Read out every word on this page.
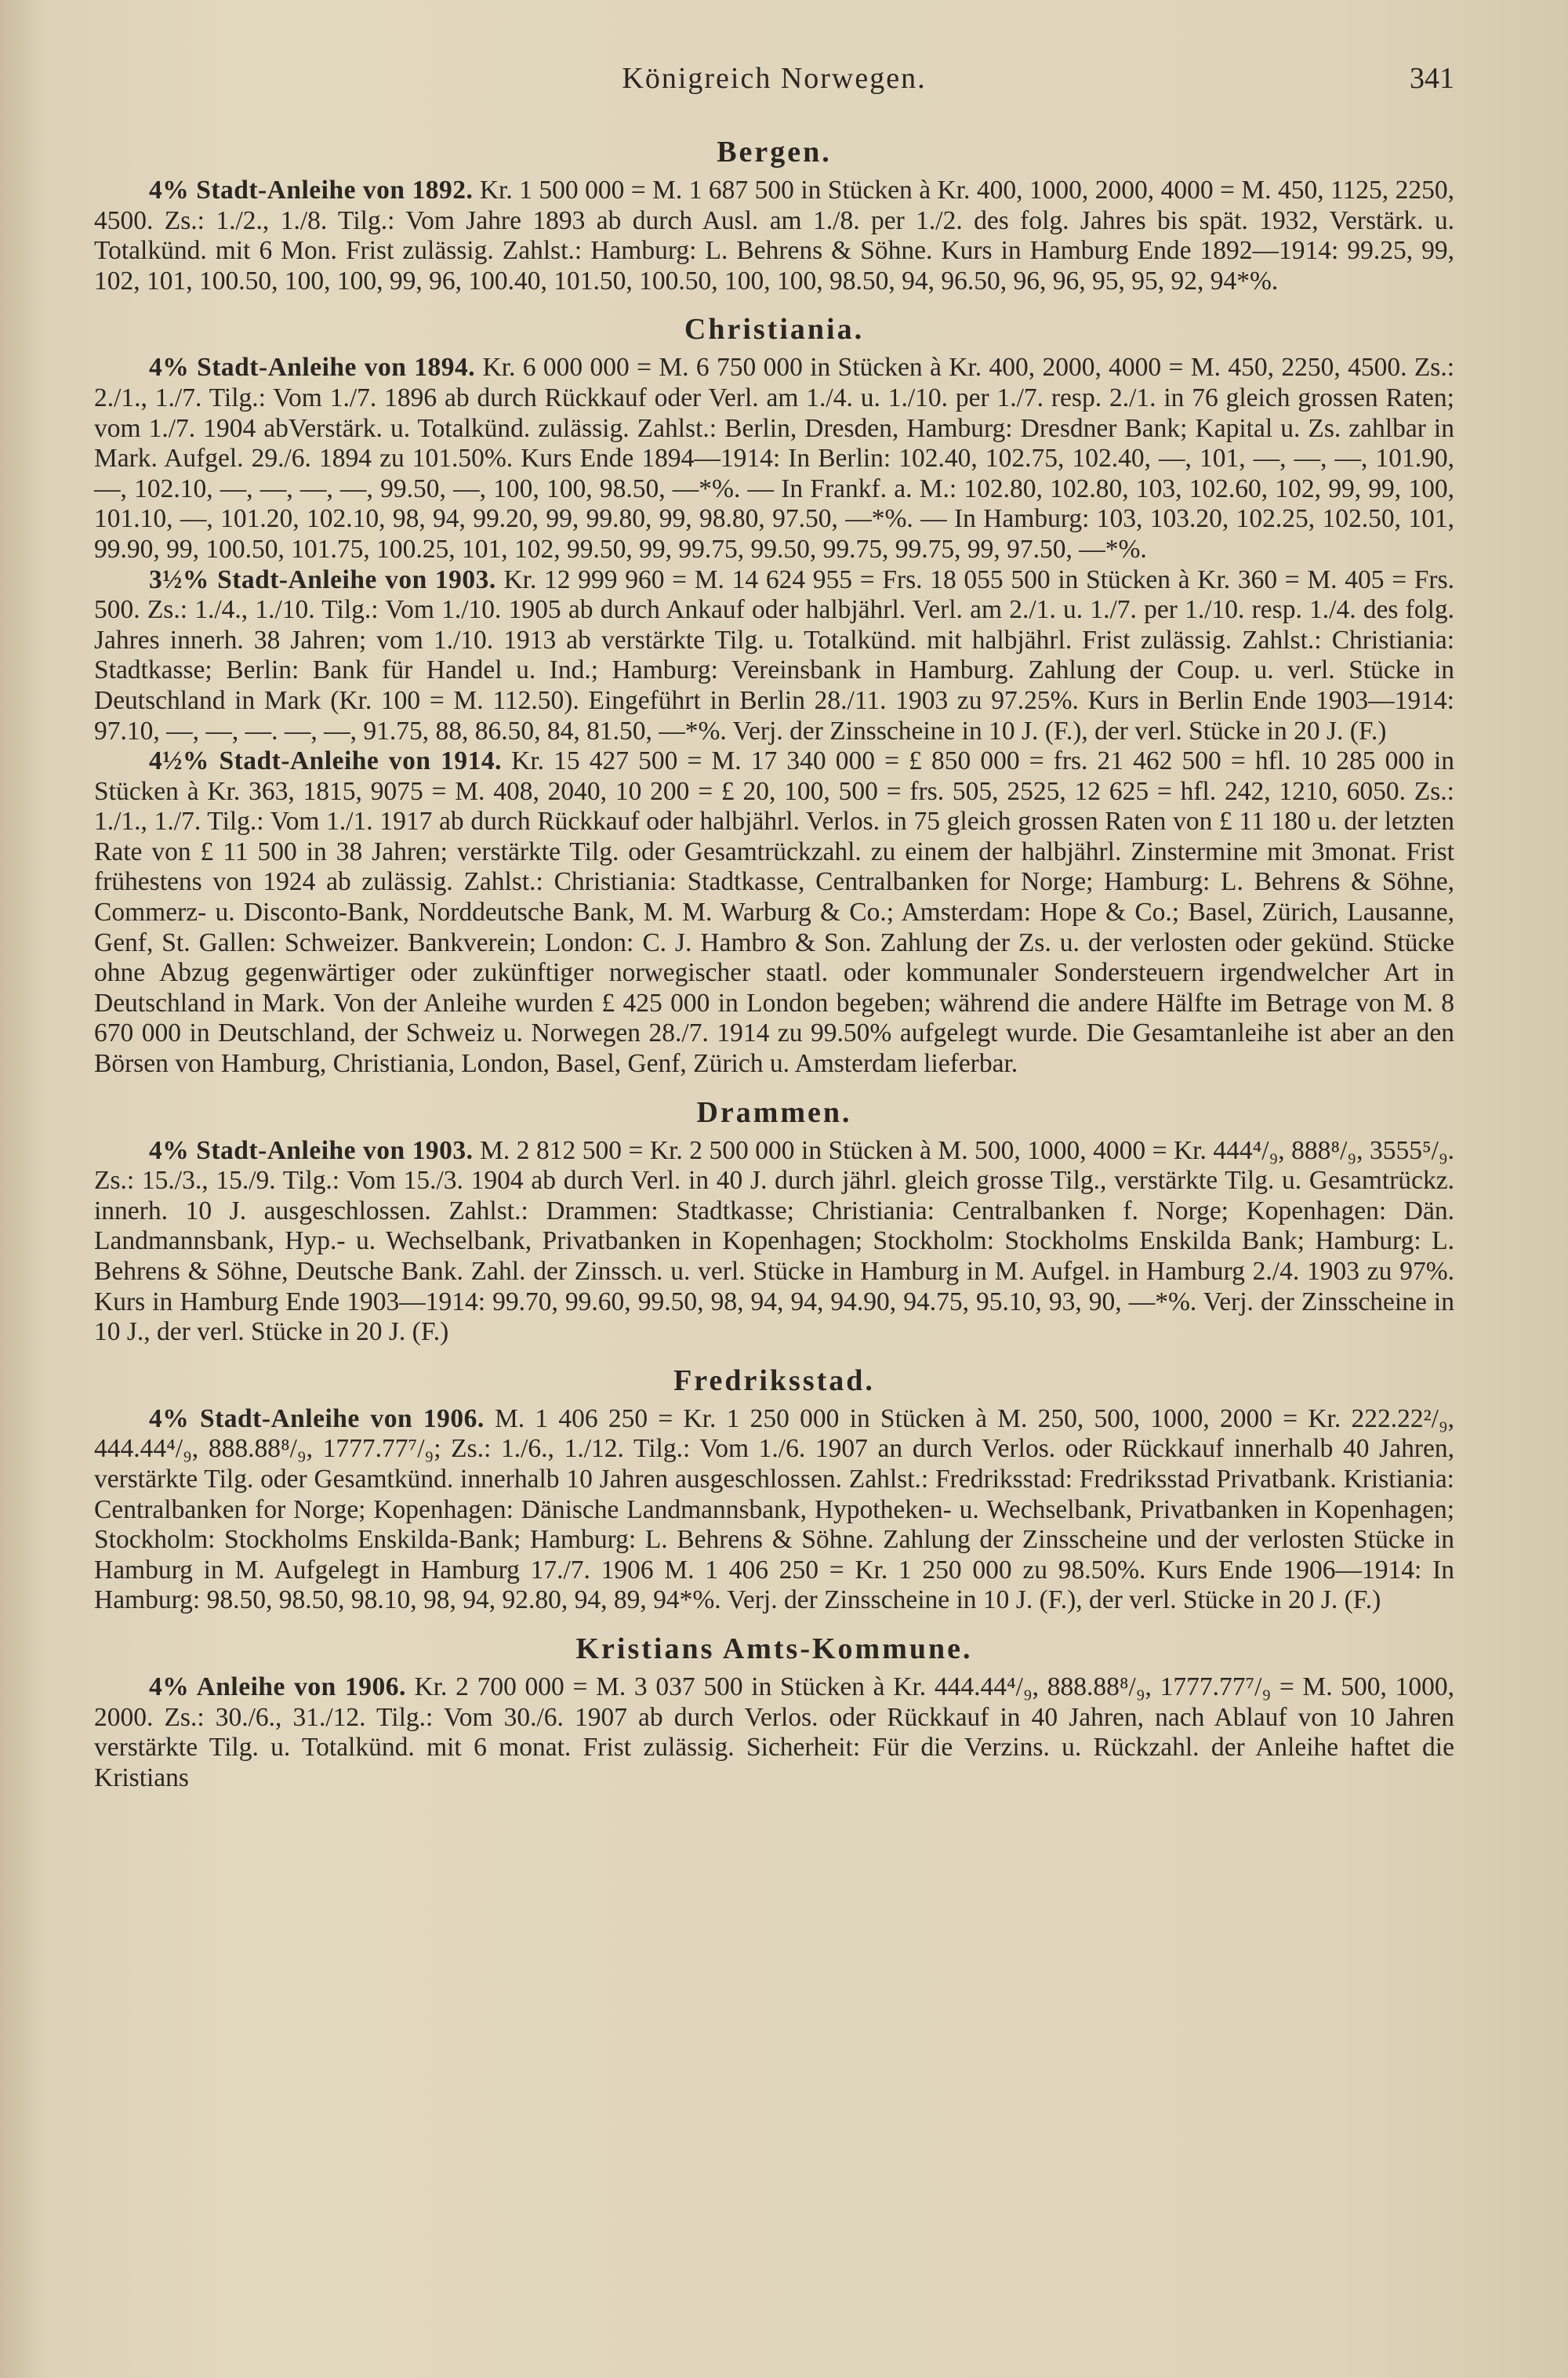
Königreich Norwegen.	341
Bergen.

4% Stadt-Anleihe von 1892. Kr. 1 500 000 = M. 1 687 500 in Stücken à Kr. 400, 1000, 2000, 4000 = M. 450, 1125, 2250, 4500. Zs.: 1./2., 1./8. Tilg.: Vom Jahre 1893 ab durch Ausl. am 1./8. per 1./2. des folg. Jahres bis spät. 1932, Verstärk. u. Totalkünd. mit 6 Mon. Frist zulässig. Zahlst.: Hamburg: L. Behrens & Söhne. Kurs in Hamburg Ende 1892—1914: 99.25, 99, 102, 101, 100.50, 100, 100, 99, 96, 100.40, 101.50, 100.50, 100, 100, 98.50, 94, 96.50, 96, 96, 95, 95, 92, 94*%.

Christiania.

4% Stadt-Anleihe von 1894. Kr. 6 000 000 = M. 6 750 000 in Stücken à Kr. 400, 2000, 4000 = M. 450, 2250, 4500. Zs.: 2./1., 1./7. Tilg.: Vom 1./7. 1896 ab durch Rückkauf oder Verl. am 1./4. u. 1./10. per 1./7. resp. 2./1. in 76 gleich grossen Raten; vom 1./7. 1904 abVerstärk. u. Totalkünd. zulässig. Zahlst.: Berlin, Dresden, Hamburg: Dresdner Bank; Kapital u. Zs. zahlbar in Mark. Aufgel. 29./6. 1894 zu 101.50%. Kurs Ende 1894—1914: In Berlin: 102.40, 102.75, 102.40, —, 101, —, —, —, 101.90, —, 102.10, —, —, —, —, 99.50, —, 100, 100, 98.50, —*%. — In Frankf. a. M.: 102.80, 102.80, 103, 102.60, 102, 99, 99, 100, 101.10, —, 101.20, 102.10, 98, 94, 99.20, 99, 99.80, 99, 98.80, 97.50, —*%. — In Hamburg: 103, 103.20, 102.25, 102.50, 101, 99.90, 99, 100.50, 101.75, 100.25, 101, 102, 99.50, 99, 99.75, 99.50, 99.75, 99.75, 99, 97.50, —*%.

3½% Stadt-Anleihe von 1903. Kr. 12 999 960 = M. 14 624 955 = Frs. 18 055 500 in Stücken à Kr. 360 = M. 405 = Frs. 500. Zs.: 1./4., 1./10. Tilg.: Vom 1./10. 1905 ab durch Ankauf oder halbjährl. Verl. am 2./1. u. 1./7. per 1./10. resp. 1./4. des folg. Jahres innerh. 38 Jahren; vom 1./10. 1913 ab verstärkte Tilg. u. Totalkünd. mit halbjährl. Frist zulässig. Zahlst.: Christiania: Stadtkasse; Berlin: Bank für Handel u. Ind.; Hamburg: Vereinsbank in Hamburg. Zahlung der Coup. u. verl. Stücke in Deutschland in Mark (Kr. 100 = M. 112.50). Eingeführt in Berlin 28./11. 1903 zu 97.25%. Kurs in Berlin Ende 1903—1914: 97.10, —, —, —. —, —, 91.75, 88, 86.50, 84, 81.50, —*%. Verj. der Zinsscheine in 10 J. (F.), der verl. Stücke in 20 J. (F.)

4½% Stadt-Anleihe von 1914. Kr. 15 427 500 = M. 17 340 000 = £ 850 000 = frs. 21 462 500 = hfl. 10 285 000 in Stücken à Kr. 363, 1815, 9075 = M. 408, 2040, 10 200 = £ 20, 100, 500 = frs. 505, 2525, 12 625 = hfl. 242, 1210, 6050. Zs.: 1./1., 1./7. Tilg.: Vom 1./1. 1917 ab durch Rückkauf oder halbjährl. Verlos. in 75 gleich grossen Raten von £ 11 180 u. der letzten Rate von £ 11 500 in 38 Jahren; verstärkte Tilg. oder Gesamtrückzahl. zu einem der halbjährl. Zinstermine mit 3monat. Frist frühestens von 1924 ab zulässig. Zahlst.: Christiania: Stadtkasse, Centralbanken for Norge; Hamburg: L. Behrens & Söhne, Commerz- u. Disconto-Bank, Norddeutsche Bank, M. M. Warburg & Co.; Amsterdam: Hope & Co.; Basel, Zürich, Lausanne, Genf, St. Gallen: Schweizer. Bankverein; London: C. J. Hambro & Son. Zahlung der Zs. u. der verlosten oder gekünd. Stücke ohne Abzug gegenwärtiger oder zukünftiger norwegischer staatl. oder kommunaler Sondersteuern irgendwelcher Art in Deutschland in Mark. Von der Anleihe wurden £ 425 000 in London begeben; während die andere Hälfte im Betrage von M. 8 670 000 in Deutschland, der Schweiz u. Norwegen 28./7. 1914 zu 99.50% aufgelegt wurde. Die Gesamtanleihe ist aber an den Börsen von Hamburg, Christiania, London, Basel, Genf, Zürich u. Amsterdam lieferbar.

Drammen.

4% Stadt-Anleihe von 1903. M. 2 812 500 = Kr. 2 500 000 in Stücken à M. 500, 1000, 4000 = Kr. 444⁴/₉, 888⁸/₉, 3555⁵/₉. Zs.: 15./3., 15./9. Tilg.: Vom 15./3. 1904 ab durch Verl. in 40 J. durch jährl. gleich grosse Tilg., verstärkte Tilg. u. Gesamtrückz. innerh. 10 J. ausgeschlossen. Zahlst.: Drammen: Stadtkasse; Christiania: Centralbanken f. Norge; Kopenhagen: Dän. Landmannsbank, Hyp.- u. Wechselbank, Privatbanken in Kopenhagen; Stockholm: Stockholms Enskilda Bank; Hamburg: L. Behrens & Söhne, Deutsche Bank. Zahl. der Zinssch. u. verl. Stücke in Hamburg in M. Aufgel. in Hamburg 2./4. 1903 zu 97%. Kurs in Hamburg Ende 1903—1914: 99.70, 99.60, 99.50, 98, 94, 94, 94.90, 94.75, 95.10, 93, 90, —*%. Verj. der Zinsscheine in 10 J., der verl. Stücke in 20 J. (F.)

Fredriksstad.

4% Stadt-Anleihe von 1906. M. 1 406 250 = Kr. 1 250 000 in Stücken à M. 250, 500, 1000, 2000 = Kr. 222.22²/₉, 444.44⁴/₉, 888.88⁸/₉, 1777.77⁷/₉; Zs.: 1./6., 1./12. Tilg.: Vom 1./6. 1907 an durch Verlos. oder Rückkauf innerhalb 40 Jahren, verstärkte Tilg. oder Gesamtkünd. innerhalb 10 Jahren ausgeschlossen. Zahlst.: Fredriksstad: Fredriksstad Privatbank. Kristiania: Centralbanken for Norge; Kopenhagen: Dänische Landmannsbank, Hypotheken- u. Wechselbank, Privatbanken in Kopenhagen; Stockholm: Stockholms Enskilda-Bank; Hamburg: L. Behrens & Söhne. Zahlung der Zinsscheine und der verlosten Stücke in Hamburg in M. Aufgelegt in Hamburg 17./7. 1906 M. 1 406 250 = Kr. 1 250 000 zu 98.50%. Kurs Ende 1906—1914: In Hamburg: 98.50, 98.50, 98.10, 98, 94, 92.80, 94, 89, 94*%. Verj. der Zinsscheine in 10 J. (F.), der verl. Stücke in 20 J. (F.)

Kristians Amts-Kommune.

4% Anleihe von 1906. Kr. 2 700 000 = M. 3 037 500 in Stücken à Kr. 444.44⁴/₉, 888.88⁸/₉, 1777.77⁷/₉ = M. 500, 1000, 2000. Zs.: 30./6., 31./12. Tilg.: Vom 30./6. 1907 ab durch Verlos. oder Rückkauf in 40 Jahren, nach Ablauf von 10 Jahren verstärkte Tilg. u. Totalkünd. mit 6 monat. Frist zulässig. Sicherheit: Für die Verzins. u. Rückzahl. der Anleihe haftet die Kristians
